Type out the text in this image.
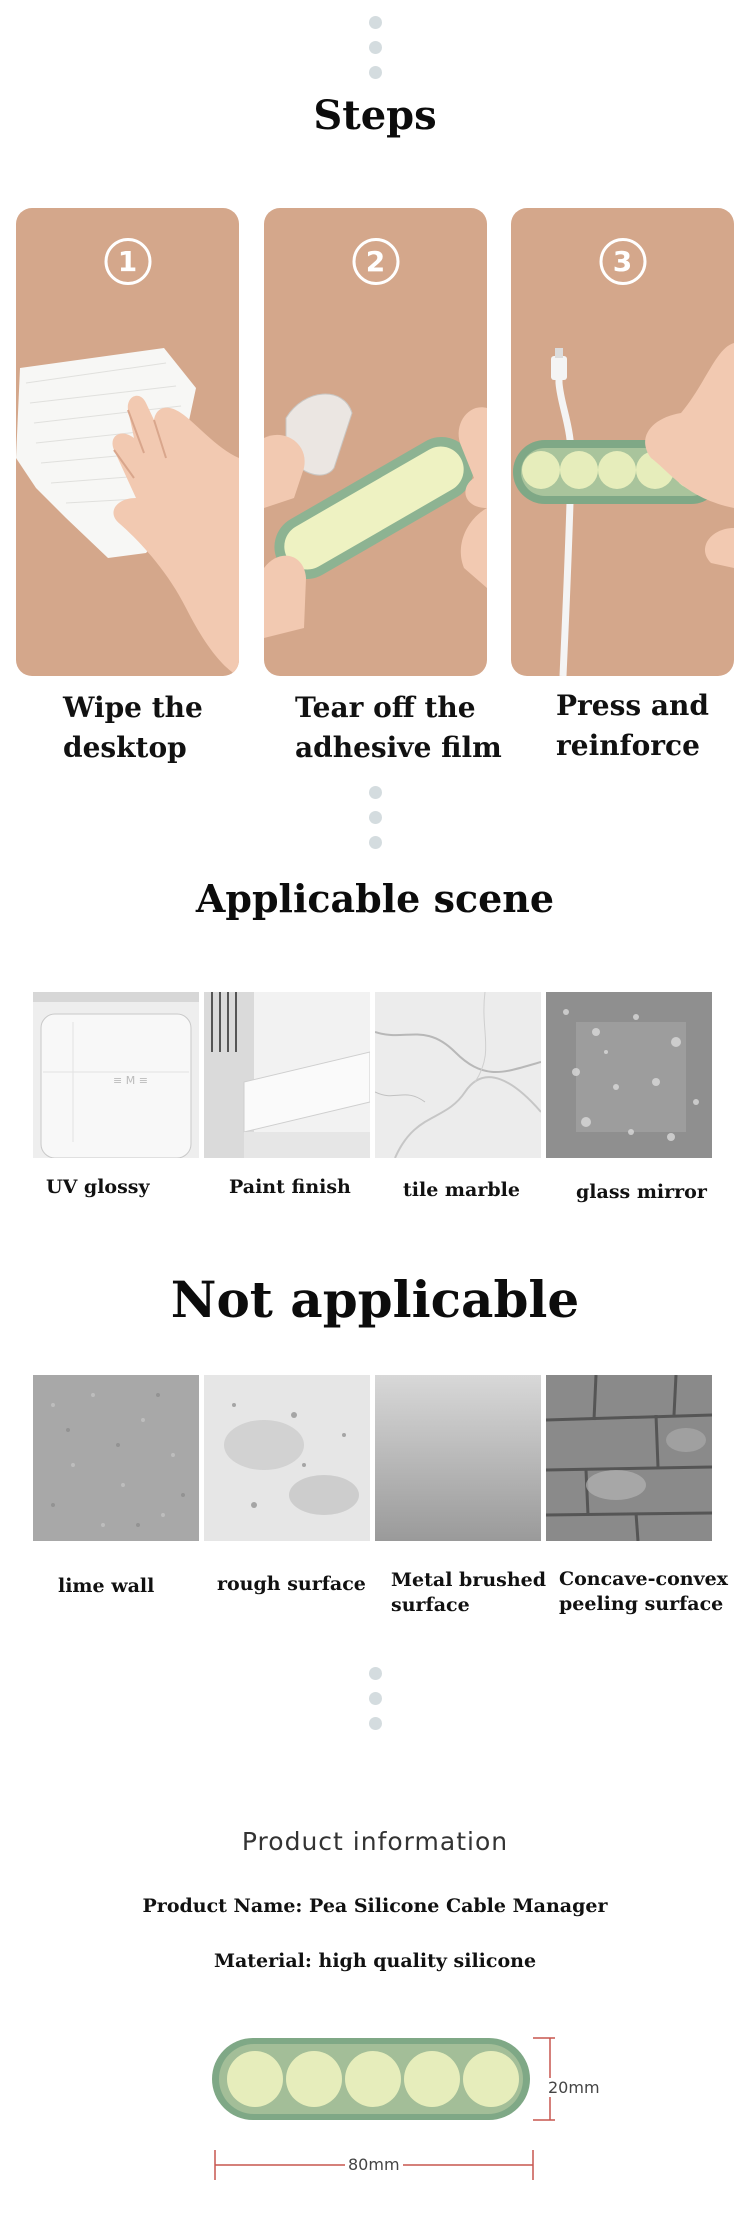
Steps
1
Wipe the
desktop
2
Tear off the
adhesive film
3
Press and
reinforce
Applicable scene
≡ M ≡
UV glossy	Paint finish	tile marble	glass mirror
Not applicable
lime wall	rough surface Metal brushed
surface
Concave-convex
peeling surface
Product information
Product Name: Pea Silicone Cable Manager
Material: high quality silicone
20mm
80mm
